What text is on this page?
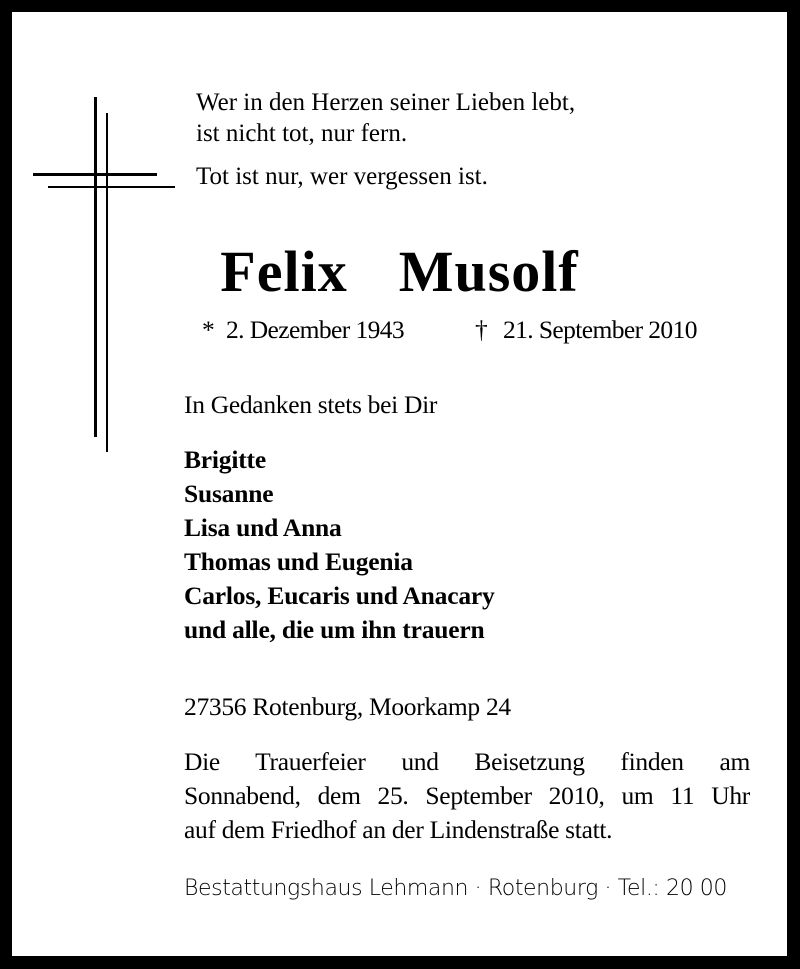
Wer in den Herzen seiner Lieben lebt,
ist nicht tot, nur fern.
Tot ist nur, wer vergessen ist.
Felix  Musolf
* 2. Dezember 1943	† 21. September 2010
In Gedanken stets bei Dir
Brigitte
Susanne
Lisa und Anna
Thomas und Eugenia
Carlos, Eucaris und Anacary
und alle, die um ihn trauern
27356 Rotenburg, Moorkamp 24
Die Trauerfeier und Beisetzung finden am
Sonnabend, dem 25. September 2010, um 11 Uhr
auf dem Friedhof an der Lindenstraße statt.
Bestattungshaus Lehmann · Rotenburg · Tel.: 20 00
